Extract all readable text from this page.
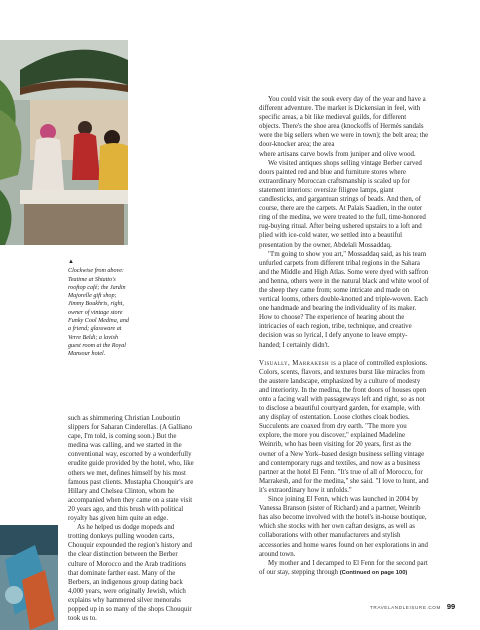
▲
Clockwise from above: Teatime at Shtatto's rooftop café; the Jardin Majorelle gift shop; Jimmy Boukhris, right, owner of vintage store Funky Cool Medina, and a friend; glassware at Verre Beldi; a lavish guest room at the Royal Mansour hotel.

such as shimmering Christian Louboutin slippers for Saharan Cinderellas. (A Galliano cape, I'm told, is coming soon.) But the medina was calling, and we started in the conventional way, escorted by a wonderfully erudite guide provided by the hotel, who, like others we met, defines himself by his most famous past clients. Mustapha Chouquir's are Hillary and Chelsea Clinton, whom he accompanied when they came on a state visit 20 years ago, and this brush with political royalty has given him quite an edge.

As he helped us dodge mopeds and trotting donkeys pulling wooden carts, Chouquir expounded the region's history and the clear distinction between the Berber culture of Morocco and the Arab traditions that dominate farther east. Many of the Berbers, an indigenous group dating back 4,000 years, were originally Jewish, which explains why hammered silver menorahs popped up in so many of the shops Chouquir took us to.

You could visit the souk every day of the year and have a different adventure. The market is Dickensian in feel, with specific areas, a bit like medieval guilds, for different objects. There's the shoe area (knockoffs of Hermès sandals were the big sellers when we were in town); the belt area; the door-knocker area; the area

where artisans carve bowls from juniper and olive wood.

We visited antiques shops selling vintage Berber carved doors painted red and blue and furniture stores where extraordinary Moroccan craftsmanship is scaled up for statement interiors: oversize filigree lamps, giant candlesticks, and gargantuan strings of beads. And then, of course, there are the carpets. At Palais Saadien, in the outer ring of the medina, we were treated to the full, time-honored rug-buying ritual. After being ushered upstairs to a loft and plied with ice-cold water, we settled into a beautiful presentation by the owner, Abdelali Mossaddaq.

"I'm going to show you art," Mossaddaq said, as his team unfurled carpets from different tribal regions in the Sahara and the Middle and High Atlas. Some were dyed with saffron and henna, others were in the natural black and white wool of the sheep they came from; some intricate and made on vertical looms, others double-knotted and triple-woven. Each one handmade and bearing the individuality of its maker. How to choose? The experience of hearing about the intricacies of each region, tribe, technique, and creative decision was so lyrical, I defy anyone to leave empty-handed; I certainly didn't.

Visually, Marrakesh is a place of controlled explosions. Colors, scents, flavors, and textures burst like miracles from the austere landscape, emphasized by a culture of modesty and interiority. In the medina, the front doors of houses open onto a facing wall with passageways left and right, so as not to disclose a beautiful courtyard garden, for example, with any display of ostentation. Loose clothes cloak bodies. Succulents are coaxed from dry earth. "The more you explore, the more you discover," explained Madeline Weinrib, who has been visiting for 20 years, first as the owner of a New York–based design business selling vintage and contemporary rugs and textiles, and now as a business partner at the hotel El Fenn. "It's true of all of Morocco, for Marrakesh, and for the medina," she said. "I love to hunt, and it's extraordinary how it unfolds."

Since joining El Fenn, which was launched in 2004 by Vanessa Branson (sister of Richard) and a partner, Weinrib has also become involved with the hotel's in-house boutique, which she stocks with her own caftan designs, as well as collaborations with other manufacturers and stylish accessories and home wares found on her explorations in and around town.

My mother and I decamped to El Fenn for the second part of our stay, stepping through (Continued on page 100)

TRAVELANDLEISURE.COM 99
